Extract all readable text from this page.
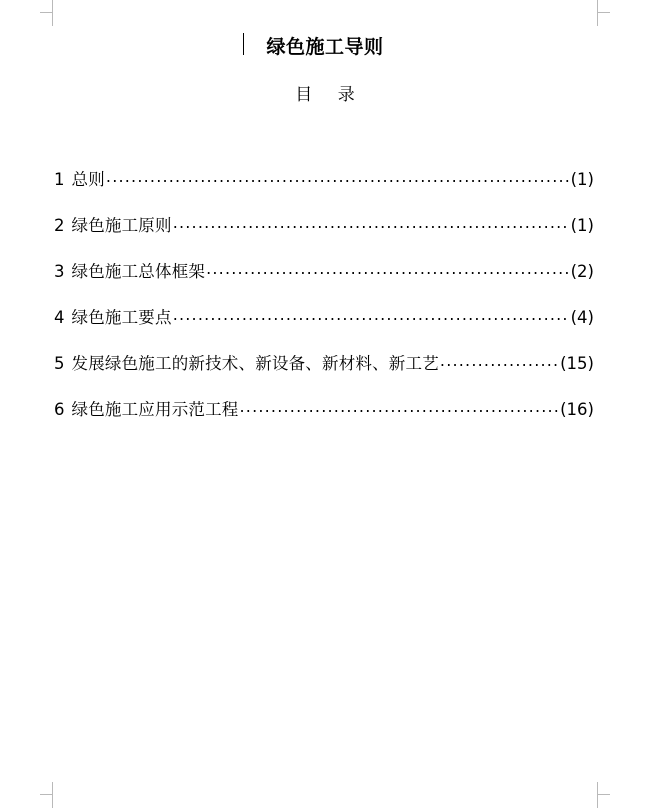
绿色施工导则
目 录
1 总则 .....	(1)
2 绿色施工原则 .....	(1)
3 绿色施工总体框架 .....	(2)
4 绿色施工要点 .....	(4)
5 发展绿色施工的新技术、新设备、新材料、新工艺 .....	(15)
6 绿色施工应用示范工程 .....	(16)
